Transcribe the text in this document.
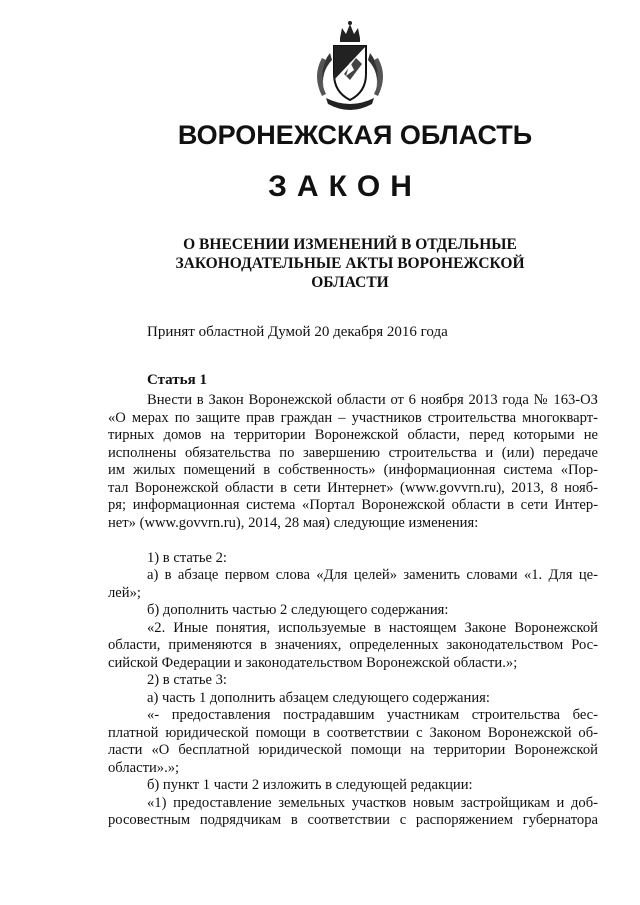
ВОРОНЕЖСКАЯ ОБЛАСТЬ
ЗАКОН
О ВНЕСЕНИИ ИЗМЕНЕНИЙ В ОТДЕЛЬНЫЕ
ЗАКОНОДАТЕЛЬНЫЕ АКТЫ ВОРОНЕЖСКОЙ
ОБЛАСТИ
Принят областной Думой 20 декабря 2016 года
Статья 1
Внести в Закон Воронежской области от 6 ноября 2013 года № 163-ОЗ
«О мерах по защите прав граждан – участников строительства многокварт-
тирных домов на территории Воронежской области, перед которыми не
исполнены обязательства по завершению строительства и (или) передаче
им жилых помещений в собственность» (информационная система «Пор-
тал Воронежской области в сети Интернет» (www.govvrn.ru), 2013, 8 нояб-
ря; информационная система «Портал Воронежской области в сети Интер-
нет» (www.govvrn.ru), 2014, 28 мая) следующие изменения:
1) в статье 2:
а) в абзаце первом слова «Для целей» заменить словами «1. Для це-
лей»;
б) дополнить частью 2 следующего содержания:
«2. Иные понятия, используемые в настоящем Законе Воронежской
области, применяются в значениях, определенных законодательством Рос-
сийской Федерации и законодательством Воронежской области.»;
2) в статье 3:
а) часть 1 дополнить абзацем следующего содержания:
«- предоставления пострадавшим участникам строительства бес-
платной юридической помощи в соответствии с Законом Воронежской об-
ласти «О бесплатной юридической помощи на территории Воронежской
области».»;
б) пункт 1 части 2 изложить в следующей редакции:
«1) предоставление земельных участков новым застройщикам и доб-
росовестным подрядчикам в соответствии с распоряжением губернатора
